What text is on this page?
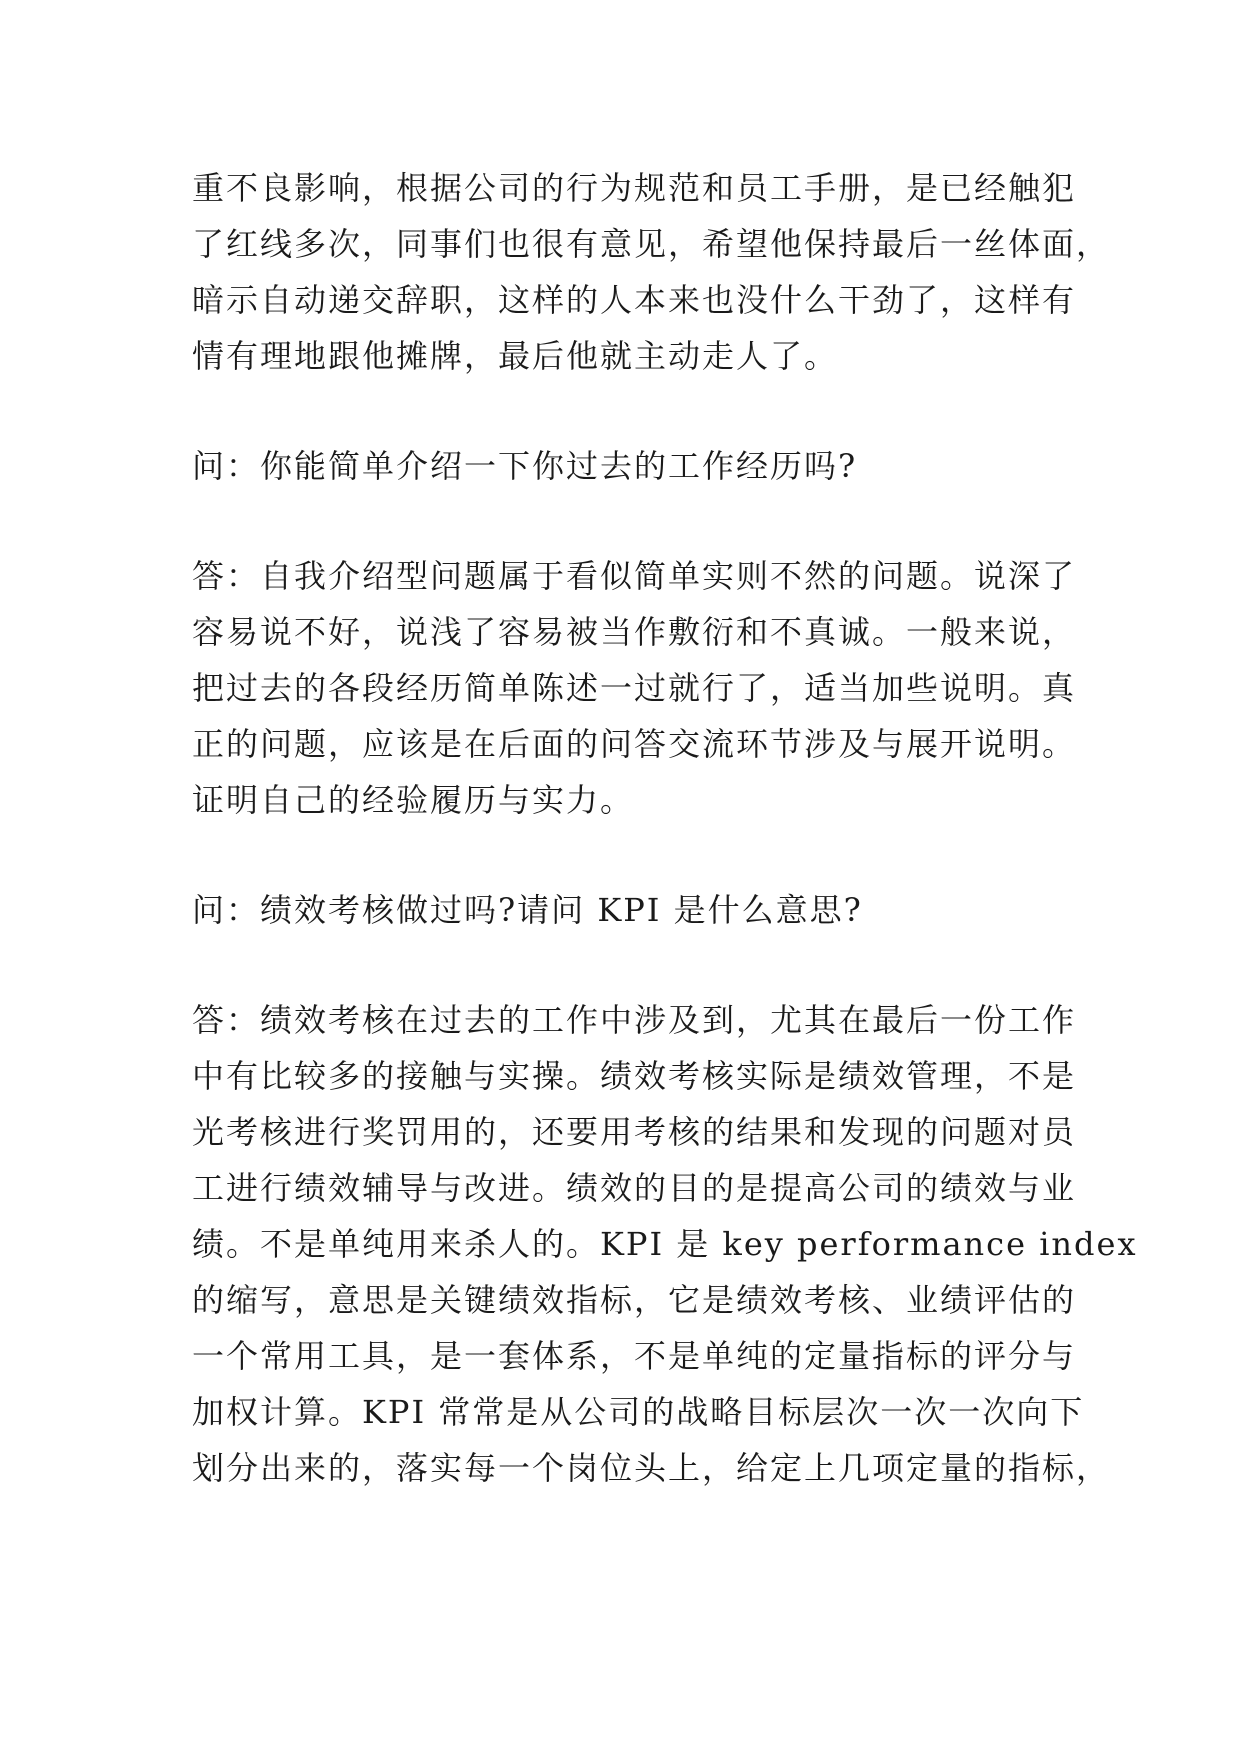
重不良影响，根据公司的行为规范和员工手册，是已经触犯
了红线多次，同事们也很有意见，希望他保持最后一丝体面，
暗示自动递交辞职，这样的人本来也没什么干劲了，这样有
情有理地跟他摊牌，最后他就主动走人了。
问：你能简单介绍一下你过去的工作经历吗?
答：自我介绍型问题属于看似简单实则不然的问题。说深了
容易说不好，说浅了容易被当作敷衍和不真诚。一般来说，
把过去的各段经历简单陈述一过就行了，适当加些说明。真
正的问题，应该是在后面的问答交流环节涉及与展开说明。
证明自己的经验履历与实力。
问：绩效考核做过吗?请问 KPI 是什么意思?
答：绩效考核在过去的工作中涉及到，尤其在最后一份工作
中有比较多的接触与实操。绩效考核实际是绩效管理，不是
光考核进行奖罚用的，还要用考核的结果和发现的问题对员
工进行绩效辅导与改进。绩效的目的是提高公司的绩效与业
绩。不是单纯用来杀人的。KPI 是 key performance index
的缩写，意思是关键绩效指标，它是绩效考核、业绩评估的
一个常用工具，是一套体系，不是单纯的定量指标的评分与
加权计算。KPI 常常是从公司的战略目标层次一次一次向下
划分出来的，落实每一个岗位头上，给定上几项定量的指标，
